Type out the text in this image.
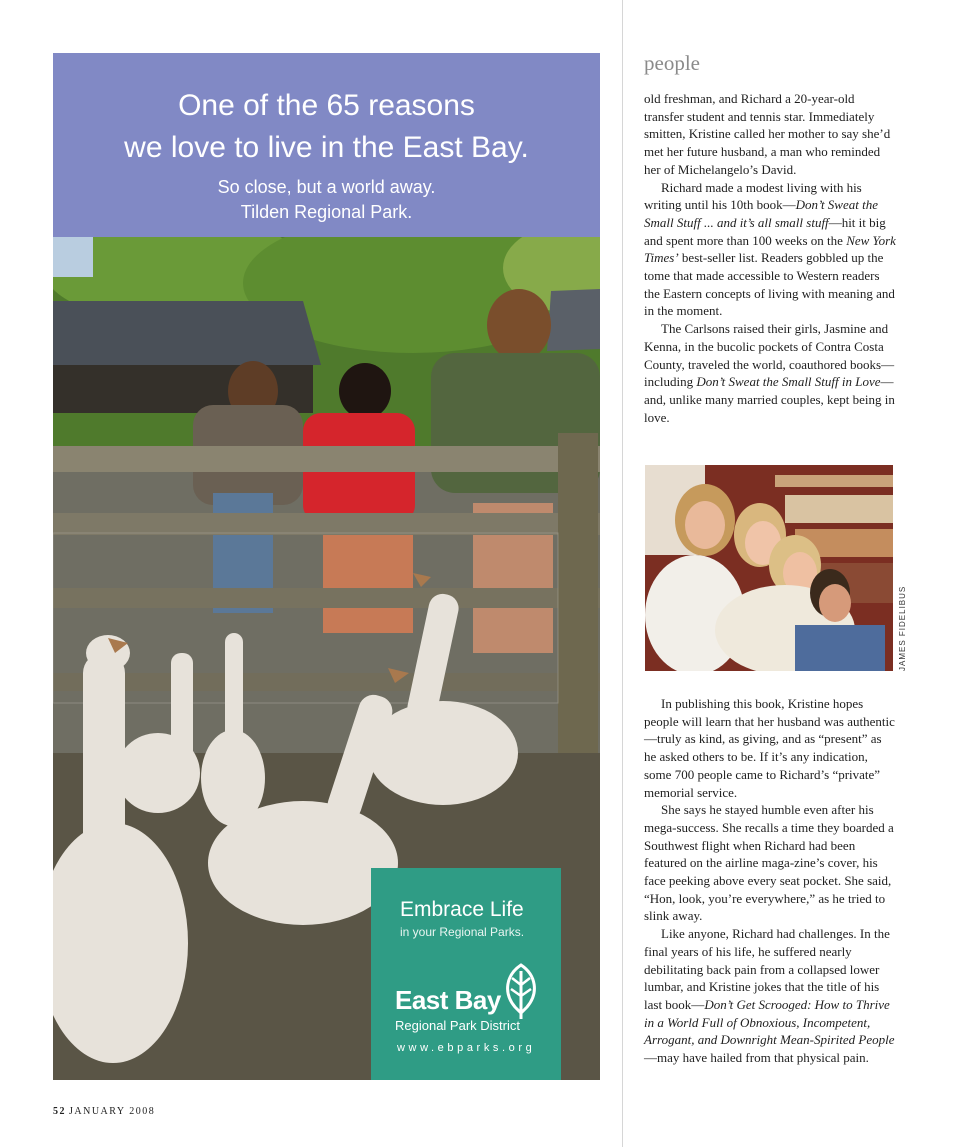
One of the 65 reasons
we love to live in the East Bay.
So close, but a world away.
Tilden Regional Park.
Embrace Life
in your Regional Parks.
East Bay
Regional Park District
www.ebparks.org
people

old freshman, and Richard a 20-year-old transfer student and tennis star. Immediately smitten, Kristine called her mother to say she’d met her future husband, a man who reminded her of Michelangelo’s David.

Richard made a modest living with his writing until his 10th book—Don’t Sweat the Small Stuff ... and it’s all small stuff—hit it big and spent more than 100 weeks on the New York Times’ best-seller list. Readers gobbled up the tome that made accessible to Western readers the Eastern concepts of living with meaning and in the moment.

The Carlsons raised their girls, Jasmine and Kenna, in the bucolic pockets of Contra Costa County, traveled the world, coauthored books—including Don’t Sweat the Small Stuff in Love—and, unlike many married couples, kept being in love.

JAMES FIDELIBUS

In publishing this book, Kristine hopes people will learn that her husband was authentic—truly as kind, as giving, and as “present” as he asked others to be. If it’s any indication, some 700 people came to Richard’s “private” memorial service.

She says he stayed humble even after his mega-success. She recalls a time they boarded a Southwest flight when Richard had been featured on the airline maga-zine’s cover, his face peeking above every seat pocket. She said, “Hon, look, you’re everywhere,” as he tried to slink away.

Like anyone, Richard had challenges. In the final years of his life, he suffered nearly debilitating back pain from a collapsed lower lumbar, and Kristine jokes that the title of his last book—Don’t Get Scrooged: How to Thrive in a World Full of Obnoxious, Incompetent, Arrogant, and Downright Mean-Spirited People—may have hailed from that physical pain.

52 JANUARY 2008
